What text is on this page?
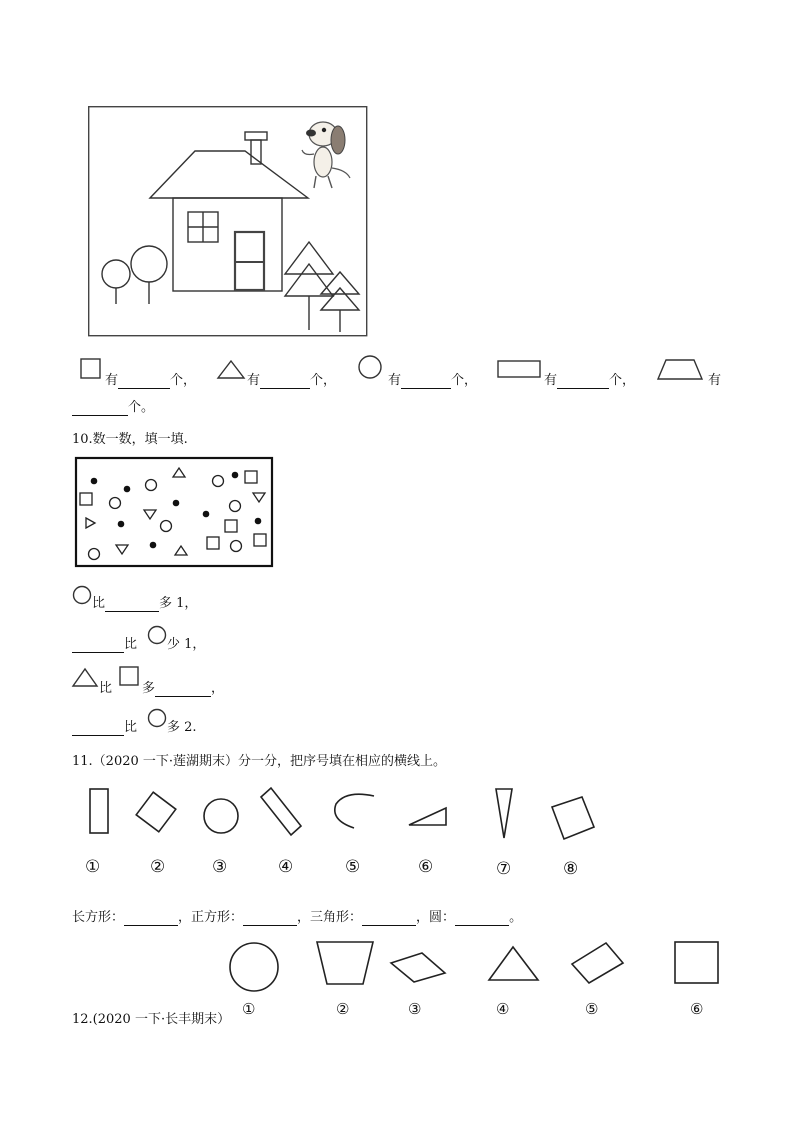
有	个，	有	个，	有	个，	有	个，	有
个。
10.数一数，填一填.
比	多 1，
比 少 1，
比 多	，
比 多 2.
11.（2020 一下·莲湖期末）分一分，把序号填在相应的横线上。
①	②	③	④	⑤	⑥	⑦	⑧
长方形：	，正方形：	，三角形：	，圆：	。
12.(2020 一下·长丰期末）
①	②	③	④	⑤	⑥
